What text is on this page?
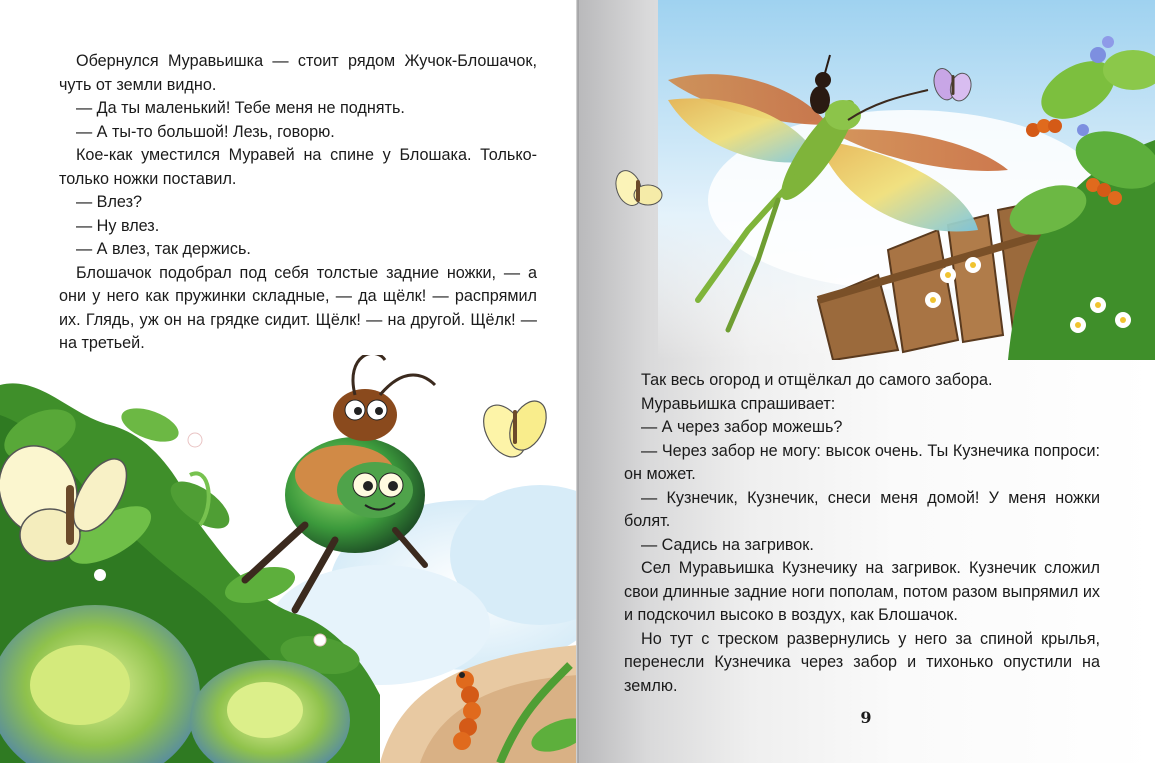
Обернулся Муравьишка — стоит рядом Жучок-Блошачок, чуть от земли видно.

— Да ты маленький! Тебе меня не поднять.

— А ты-то большой! Лезь, говорю.

Кое-как уместился Муравей на спине у Блошака. Только-только ножки поставил.

— Влез?

— Ну влез.

— А влез, так держись.

Блошачок подобрал под себя толстые задние ножки, — а они у него как пружинки складные, — да щёлк! — распрямил их. Глядь, уж он на грядке сидит. Щёлк! — на другой. Щёлк! — на третьей.

Так весь огород и отщёлкал до самого забора.

Муравьишка спрашивает:

— А через забор можешь?

— Через забор не могу: высок очень. Ты Кузнечика попроси: он может.

— Кузнечик, Кузнечик, снеси меня домой! У меня ножки болят.

— Садись на загривок.

Сел Муравьишка Кузнечику на загривок. Кузнечик сложил свои длинные задние ноги пополам, потом разом выпрямил их и подскочил высоко в воздух, как Блошачок.

Но тут с треском развернулись у него за спиной крылья, перенесли Кузнечика через забор и тихонько опустили на землю.

9
